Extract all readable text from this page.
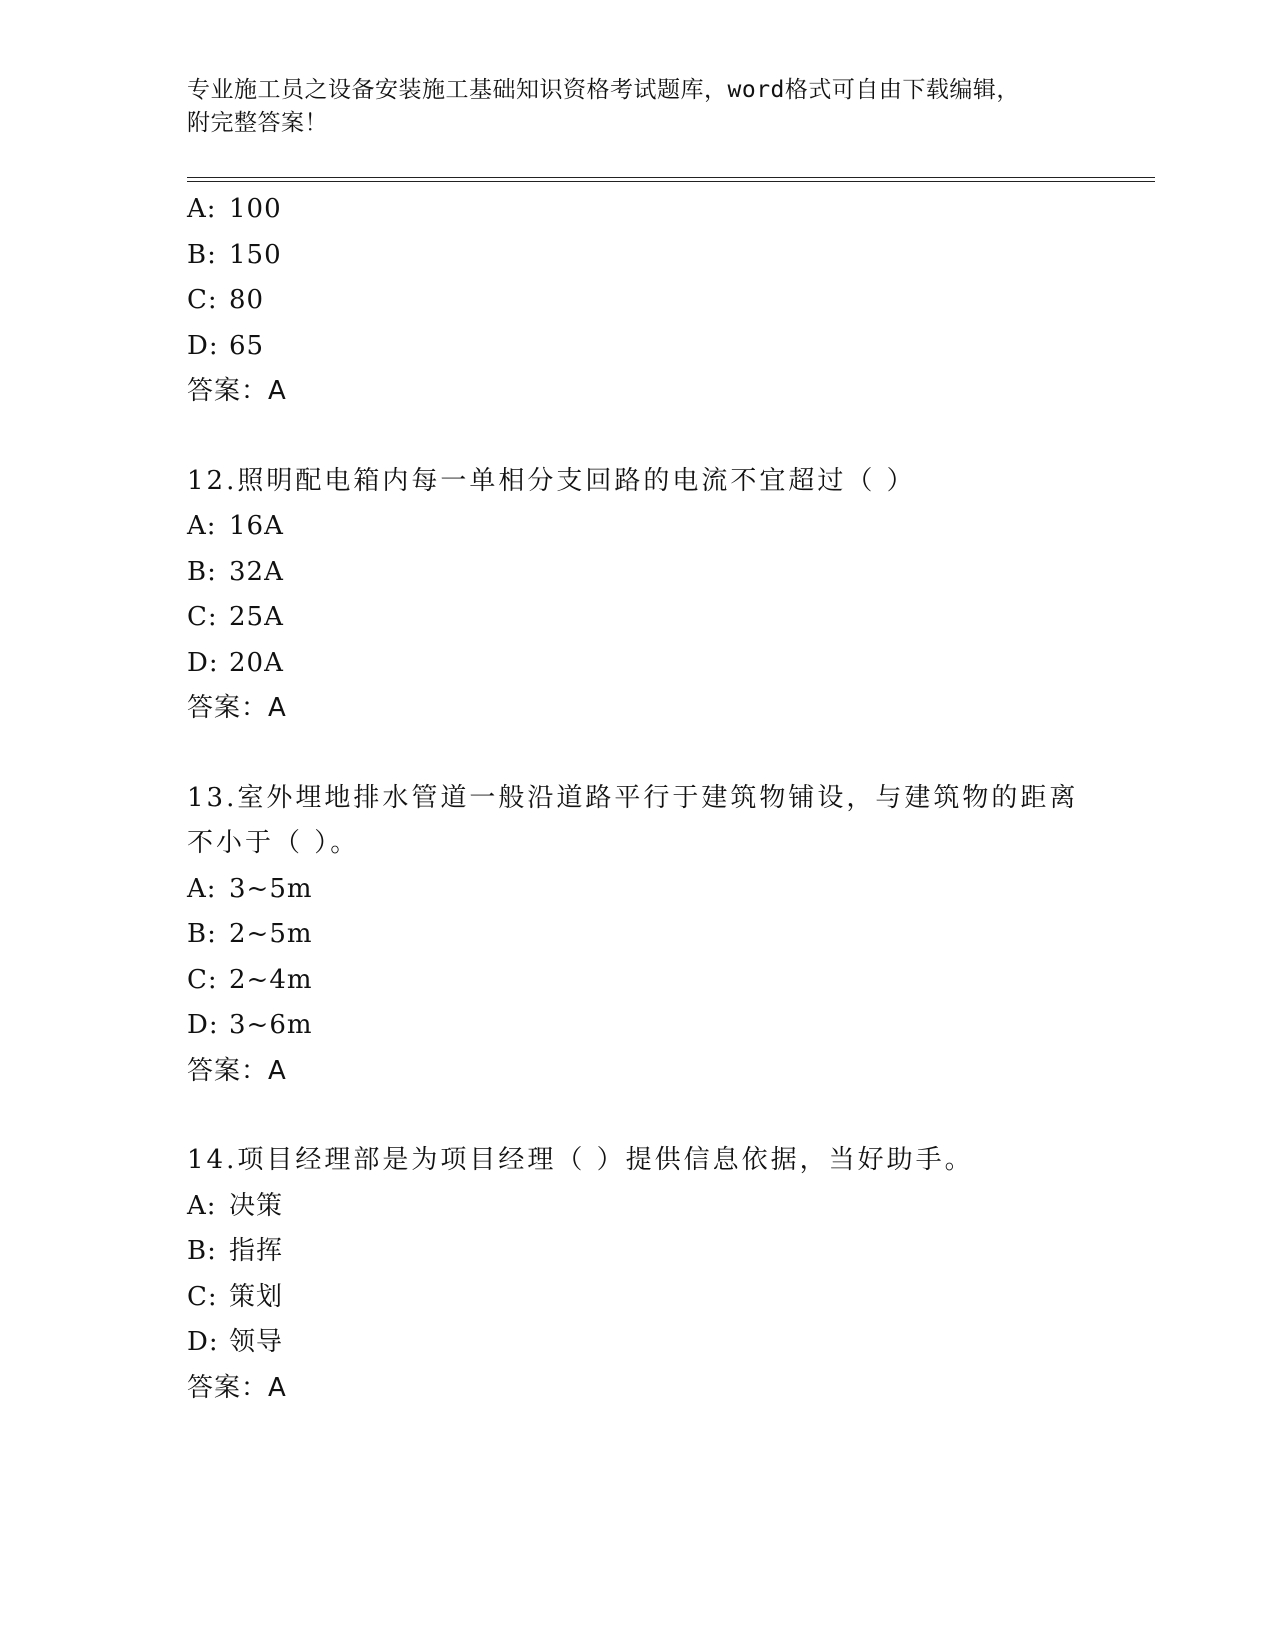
专业施工员之设备安装施工基础知识资格考试题库，word格式可自由下载编辑，
附完整答案！
A: 100
B: 150
C: 80
D: 65
答案：A
12.照明配电箱内每一单相分支回路的电流不宜超过（ ）
A: 16A
B: 32A
C: 25A
D: 20A
答案：A
13.室外埋地排水管道一般沿道路平行于建筑物铺设，与建筑物的距离
不小于（ ）。
A: 3~5m
B: 2~5m
C: 2~4m
D: 3~6m
答案：A
14.项目经理部是为项目经理（ ）提供信息依据，当好助手。
A: 决策
B: 指挥
C: 策划
D: 领导
答案：A
